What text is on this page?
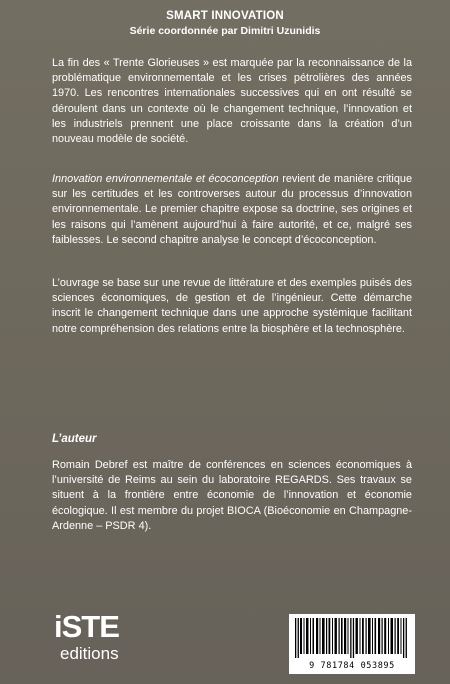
SMART INNOVATION
Série coordonnée par Dimitri Uzunidis
La fin des « Trente Glorieuses » est marquée par la reconnaissance de la problématique environnementale et les crises pétrolières des années 1970. Les rencontres internationales successives qui en ont résulté se déroulent dans un contexte où le changement technique, l’innovation et les industriels prennent une place croissante dans la création d’un nouveau modèle de société.
Innovation environnementale et écoconception revient de manière critique sur les certitudes et les controverses autour du processus d’innovation environnementale. Le premier chapitre expose sa doctrine, ses origines et les raisons qui l’amènent aujourd’hui à faire autorité, et ce, malgré ses faiblesses. Le second chapitre analyse le concept d’écoconception.
L’ouvrage se base sur une revue de littérature et des exemples puisés des sciences économiques, de gestion et de l’ingénieur. Cette démarche inscrit le changement technique dans une approche systémique facilitant notre compréhension des relations entre la biosphère et la technosphère.
L’auteur
Romain Debref est maître de conférences en sciences économiques à l’université de Reims au sein du laboratoire REGARDS. Ses travaux se situent à la frontière entre économie de l’innovation et économie écologique. Il est membre du projet BIOCA (Bioéconomie en Champagne-Ardenne – PSDR 4).
iSTE
editions
9 781784 053895
